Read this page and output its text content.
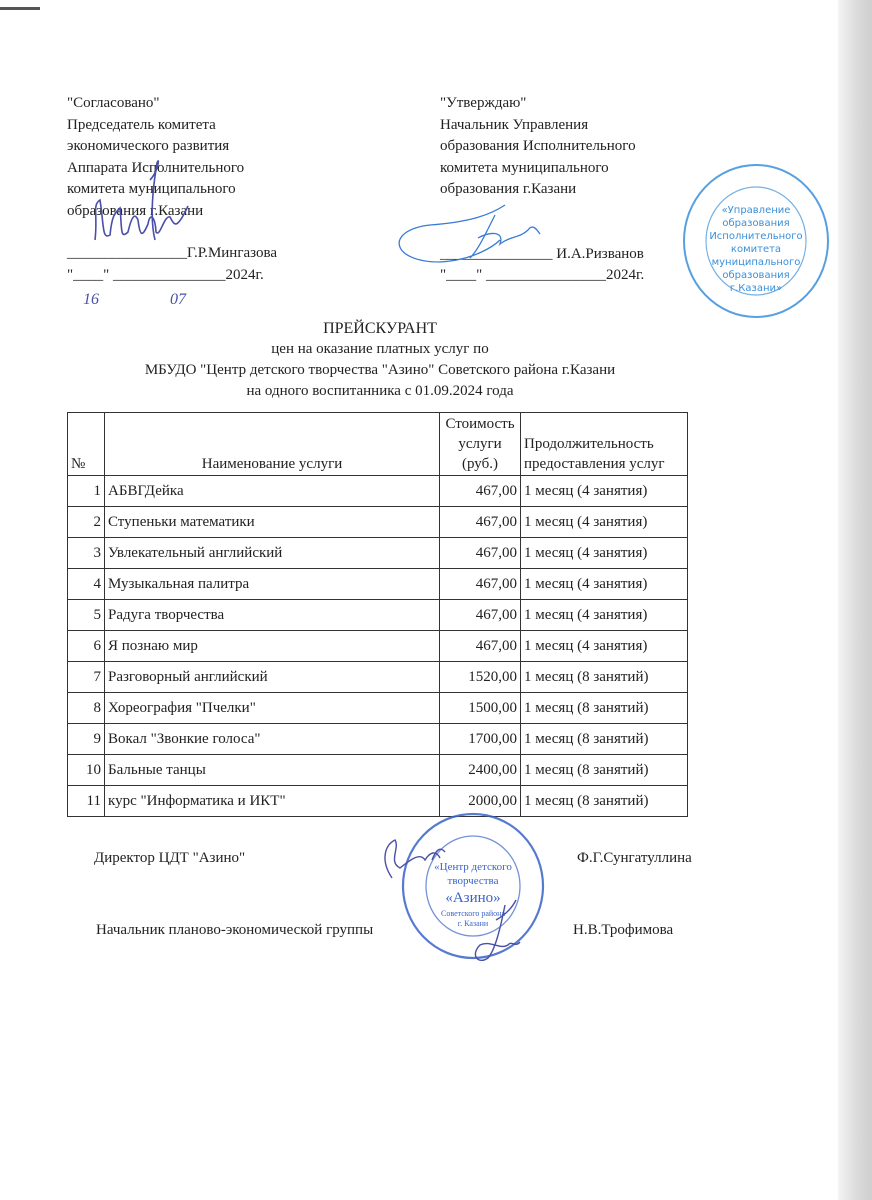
"Согласовано"
Председатель комитета
экономического развития
Аппарата Исполнительного
комитета муниципального
образования г.Казани
________________Г.Р.Мингазова
"____" _______________2024г.
16	07
"Утверждаю"
Начальник Управления
образования Исполнительного
комитета муниципального
образования г.Казани
_______________ И.А.Ризванов
"____" ________________2024г.
«Управление
образования
Исполнительного
комитета
муниципального
образования
г.Казани»
ПРЕЙСКУРАНТ
цен на оказание платных услуг по
МБУДО "Центр детского творчества "Азино" Советского района г.Казани
на одного воспитанника с 01.09.2024 года
№	Наименование услуги	Стоимость услуги (руб.)	Продолжительность предоставления услуг
1	АБВГДейка	467,00	1 месяц (4 занятия)
2	Ступеньки математики	467,00	1 месяц (4 занятия)
3	Увлекательный английский	467,00	1 месяц (4 занятия)
4	Музыкальная палитра	467,00	1 месяц (4 занятия)
5	Радуга творчества	467,00	1 месяц (4 занятия)
6	Я познаю мир	467,00	1 месяц (4 занятия)
7	Разговорный английский	1520,00	1 месяц (8 занятий)
8	Хореография "Пчелки"	1500,00	1 месяц (8 занятий)
9	Вокал "Звонкие голоса"	1700,00	1 месяц (8 занятий)
10	Бальные танцы	2400,00	1 месяц (8 занятий)
11	курс "Информатика и ИКТ"	2000,00	1 месяц (8 занятий)
Директор ЦДТ "Азино"	Ф.Г.Сунгатуллина
Начальник планово-экономической группы	Н.В.Трофимова
«Центр детского
творчества
«Азино»
Советского района
г. Казани
